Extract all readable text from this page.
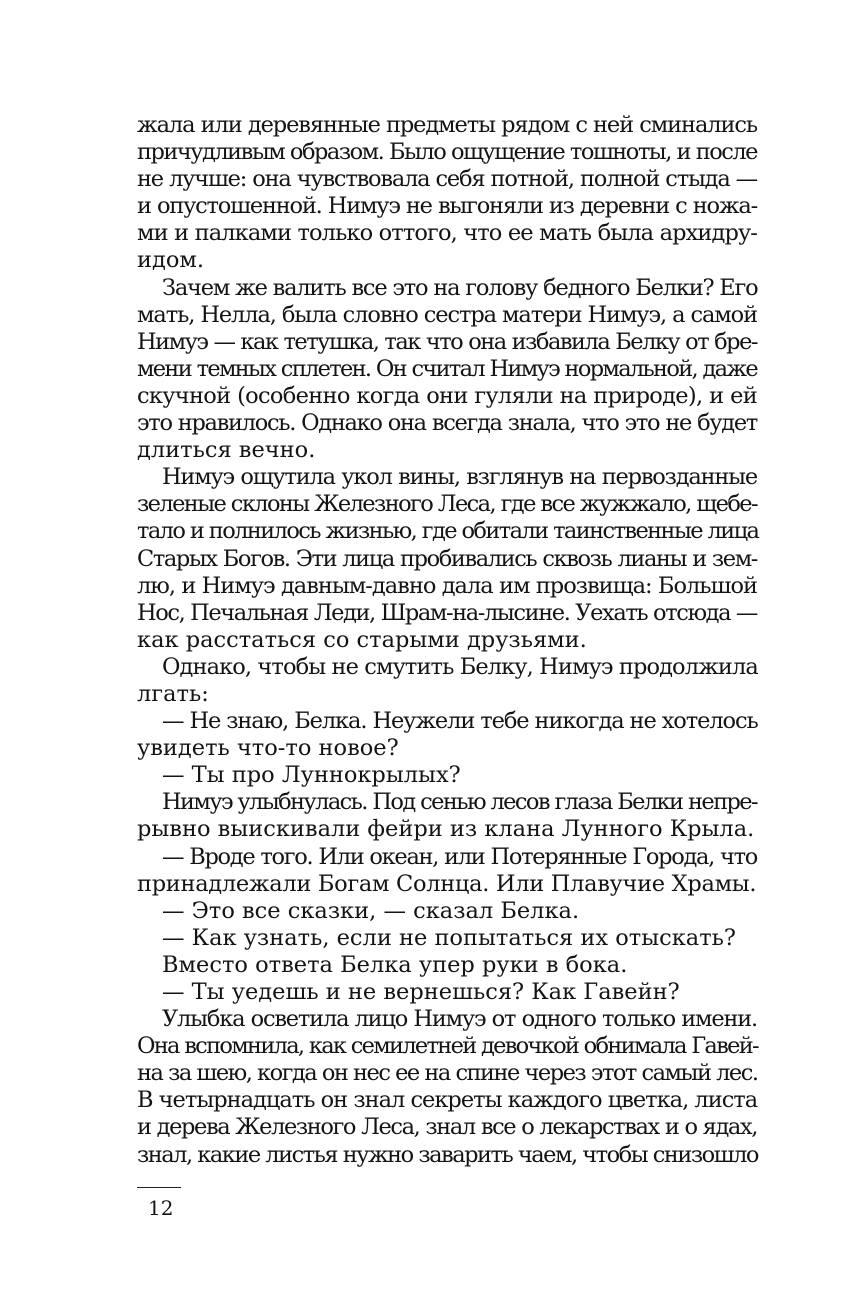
жала или деревянные предметы рядом с ней сминались
причудливым образом. Было ощущение тошноты, и после
не лучше: она чувствовала себя потной, полной стыда —
и опустошенной. Нимуэ не выгоняли из деревни с ножа-
ми и палками только оттого, что ее мать была архидру-
идом.
Зачем же валить все это на голову бедного Белки? Его
мать, Нелла, была словно сестра матери Нимуэ, а самой
Нимуэ — как тетушка, так что она избавила Белку от бре-
мени темных сплетен. Он считал Нимуэ нормальной, даже
скучной (особенно когда они гуляли на природе), и ей
это нравилось. Однако она всегда знала, что это не будет
длиться вечно.
Нимуэ ощутила укол вины, взглянув на первозданные
зеленые склоны Железного Леса, где все жужжало, щебе-
тало и полнилось жизнью, где обитали таинственные лица
Старых Богов. Эти лица пробивались сквозь лианы и зем-
лю, и Нимуэ давным-давно дала им прозвища: Большой
Нос, Печальная Леди, Шрам-на-лысине. Уехать отсюда —
как расстаться со старыми друзьями.
Однако, чтобы не смутить Белку, Нимуэ продолжила
лгать:
— Не знаю, Белка. Неужели тебе никогда не хотелось
увидеть что-то новое?
— Ты про Луннокрылых?
Нимуэ улыбнулась. Под сенью лесов глаза Белки непре-
рывно выискивали фейри из клана Лунного Крыла.
— Вроде того. Или океан, или Потерянные Города, что
принадлежали Богам Солнца. Или Плавучие Храмы.
— Это все сказки, — сказал Белка.
— Как узнать, если не попытаться их отыскать?
Вместо ответа Белка упер руки в бока.
— Ты уедешь и не вернешься? Как Гавейн?
Улыбка осветила лицо Нимуэ от одного только имени.
Она вспомнила, как семилетней девочкой обнимала Гавей-
на за шею, когда он нес ее на спине через этот самый лес.
В четырнадцать он знал секреты каждого цветка, листа
и дерева Железного Леса, знал все о лекарствах и о ядах,
знал, какие листья нужно заварить чаем, чтобы снизошло
12
